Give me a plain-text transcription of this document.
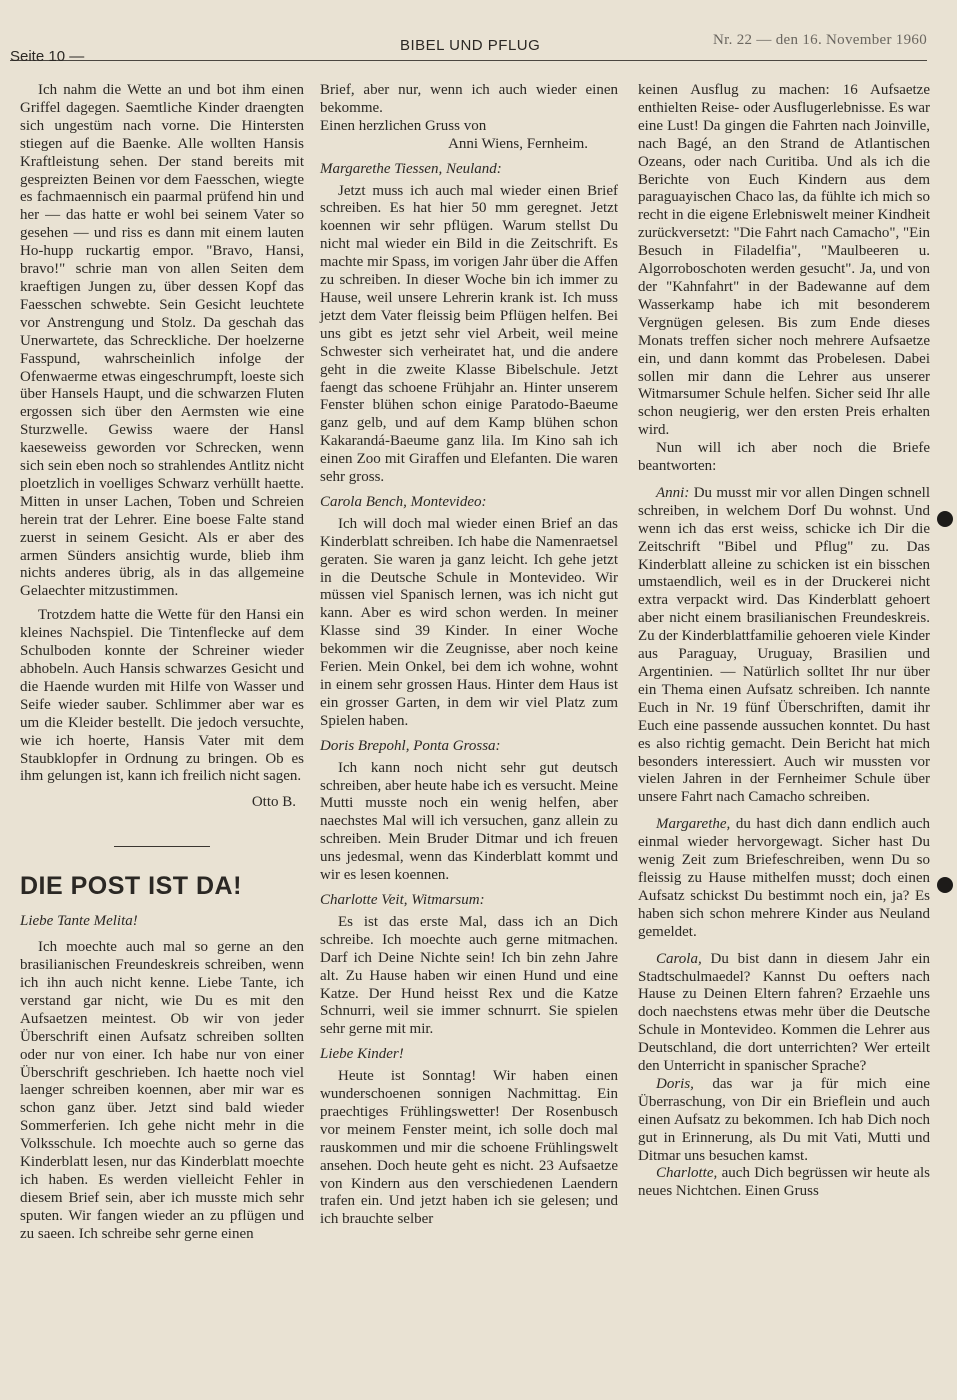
Seite 10 —
BIBEL UND PFLUG	Nr. 22 — den 16. November 1960

Ich nahm die Wette an und bot ihm einen Griffel dagegen. Saemtliche Kinder draengten sich ungestüm nach vorne. Die Hintersten stiegen auf die Baenke. Alle wollten Hansis Kraftleistung sehen. Der stand bereits mit gespreizten Beinen vor dem Faesschen, wiegte es fachmaennisch ein paarmal prüfend hin und her — das hatte er wohl bei seinem Vater so gesehen — und riss es dann mit einem lauten Ho-hupp ruckartig empor. "Bravo, Hansi, bravo!" schrie man von allen Seiten dem kraeftigen Jungen zu, über dessen Kopf das Faesschen schwebte. Sein Gesicht leuchtete vor Anstrengung und Stolz. Da geschah das Unerwartete, das Schreckliche. Der hoelzerne Fasspund, wahrscheinlich infolge der Ofenwaerme etwas eingeschrumpft, loeste sich über Hansels Haupt, und die schwarzen Fluten ergossen sich über den Aermsten wie eine Sturzwelle. Gewiss waere der Hansl kaeseweiss geworden vor Schrecken, wenn sich sein eben noch so strahlendes Antlitz nicht ploetzlich in voelliges Schwarz verhüllt haette. Mitten in unser Lachen, Toben und Schreien herein trat der Lehrer. Eine boese Falte stand zuerst in seinem Gesicht. Als er aber des armen Sünders ansichtig wurde, blieb ihm nichts anderes übrig, als in das allgemeine Gelaechter mitzustimmen.

Trotzdem hatte die Wette für den Hansi ein kleines Nachspiel. Die Tintenflecke auf dem Schulboden konnte der Schreiner wieder abhobeln. Auch Hansis schwarzes Gesicht und die Haende wurden mit Hilfe von Wasser und Seife wieder sauber. Schlimmer aber war es um die Kleider bestellt. Die jedoch versuchte, wie ich hoerte, Hansis Vater mit dem Staubklopfer in Ordnung zu bringen. Ob es ihm gelungen ist, kann ich freilich nicht sagen.

Otto B.
DIE POST IST DA!
Liebe Tante Melita!

Ich moechte auch mal so gerne an den brasilianischen Freundeskreis schreiben, wenn ich ihn auch nicht kenne. Liebe Tante, ich verstand gar nicht, wie Du es mit den Aufsaetzen meintest. Ob wir von jeder Überschrift einen Aufsatz schreiben sollten oder nur von einer. Ich habe nur von einer Überschrift geschrieben. Ich haette noch viel laenger schreiben koennen, aber mir war es schon ganz über. Jetzt sind bald wieder Sommerferien. Ich gehe nicht mehr in die Volksschule. Ich moechte auch so gerne das Kinderblatt lesen, nur das Kinderblatt moechte ich haben. Es werden vielleicht Fehler in diesem Brief sein, aber ich musste mich sehr sputen. Wir fangen wieder an zu pflügen und zu saeen. Ich schreibe sehr gerne einen

Brief, aber nur, wenn ich auch wieder einen bekomme.

Einen herzlichen Gruss von

Anni Wiens, Fernheim.

Margarethe Tiessen, Neuland:

Jetzt muss ich auch mal wieder einen Brief schreiben. Es hat hier 50 mm geregnet. Jetzt koennen wir sehr pflügen. Warum stellst Du nicht mal wieder ein Bild in die Zeitschrift. Es machte mir Spass, im vorigen Jahr über die Affen zu schreiben. In dieser Woche bin ich immer zu Hause, weil unsere Lehrerin krank ist. Ich muss jetzt dem Vater fleissig beim Pflügen helfen. Bei uns gibt es jetzt sehr viel Arbeit, weil meine Schwester sich verheiratet hat, und die andere geht in die zweite Klasse Bibelschule. Jetzt faengt das schoene Frühjahr an. Hinter unserem Fenster blühen schon einige Paratodo-Baeume ganz gelb, und auf dem Kamp blühen schon Kakarandá-Baeume ganz lila. Im Kino sah ich einen Zoo mit Giraffen und Elefanten. Die waren sehr gross.

Carola Bench, Montevideo:

Ich will doch mal wieder einen Brief an das Kinderblatt schreiben. Ich habe die Namenraetsel geraten. Sie waren ja ganz leicht. Ich gehe jetzt in die Deutsche Schule in Montevideo. Wir müssen viel Spanisch lernen, was ich nicht gut kann. Aber es wird schon werden. In meiner Klasse sind 39 Kinder. In einer Woche bekommen wir die Zeugnisse, aber noch keine Ferien. Mein Onkel, bei dem ich wohne, wohnt in einem sehr grossen Haus. Hinter dem Haus ist ein grosser Garten, in dem wir viel Platz zum Spielen haben.

Doris Brepohl, Ponta Grossa:

Ich kann noch nicht sehr gut deutsch schreiben, aber heute habe ich es versucht. Meine Mutti musste noch ein wenig helfen, aber naechstes Mal will ich versuchen, ganz allein zu schreiben. Mein Bruder Ditmar und ich freuen uns jedesmal, wenn das Kinderblatt kommt und wir es lesen koennen.

Charlotte Veit, Witmarsum:

Es ist das erste Mal, dass ich an Dich schreibe. Ich moechte auch gerne mitmachen. Darf ich Deine Nichte sein! Ich bin zehn Jahre alt. Zu Hause haben wir einen Hund und eine Katze. Der Hund heisst Rex und die Katze Schnurri, weil sie immer schnurrt. Sie spielen sehr gerne mit mir.

Liebe Kinder!

Heute ist Sonntag! Wir haben einen wunderschoenen sonnigen Nachmittag. Ein praechtiges Frühlingswetter! Der Rosenbusch vor meinem Fenster meint, ich solle doch mal rauskommen und mir die schoene Frühlingswelt ansehen. Doch heute geht es nicht. 23 Aufsaetze von Kindern aus den verschiedenen Laendern trafen ein. Und jetzt haben ich sie gelesen; und ich brauchte selber

keinen Ausflug zu machen: 16 Aufsaetze enthielten Reise- oder Ausflugerlebnisse. Es war eine Lust! Da gingen die Fahrten nach Joinville, nach Bagé, an den Strand de Atlantischen Ozeans, oder nach Curitiba. Und als ich die Berichte von Euch Kindern aus dem paraguayischen Chaco las, da fühlte ich mich so recht in die eigene Erlebniswelt meiner Kindheit zurückversetzt: "Die Fahrt nach Camacho", "Ein Besuch in Filadelfia", "Maulbeeren u. Algorroboschoten werden gesucht". Ja, und von der "Kahnfahrt" in der Badewanne auf dem Wasserkamp habe ich mit besonderem Vergnügen gelesen. Bis zum Ende dieses Monats treffen sicher noch mehrere Aufsaetze ein, und dann kommt das Probelesen. Dabei sollen mir dann die Lehrer aus unserer Witmarsumer Schule helfen. Sicher seid Ihr alle schon neugierig, wer den ersten Preis erhalten wird.

Nun will ich aber noch die Briefe beantworten:

Anni: Du musst mir vor allen Dingen schnell schreiben, in welchem Dorf Du wohnst. Und wenn ich das erst weiss, schicke ich Dir die Zeitschrift "Bibel und Pflug" zu. Das Kinderblatt alleine zu schicken ist ein bisschen umstaendlich, weil es in der Druckerei nicht extra verpackt wird. Das Kinderblatt gehoert aber nicht einem brasilianischen Freundeskreis. Zu der Kinderblattfamilie gehoeren viele Kinder aus Paraguay, Uruguay, Brasilien und Argentinien. — Natürlich solltet Ihr nur über ein Thema einen Aufsatz schreiben. Ich nannte Euch in Nr. 19 fünf Überschriften, damit ihr Euch eine passende aussuchen konntet. Du hast es also richtig gemacht. Dein Bericht hat mich besonders interessiert. Auch wir mussten vor vielen Jahren in der Fernheimer Schule über unsere Fahrt nach Camacho schreiben.

Margarethe, du hast dich dann endlich auch einmal wieder hervorgewagt. Sicher hast Du wenig Zeit zum Briefeschreiben, wenn Du so fleissig zu Hause mithelfen musst; doch einen Aufsatz schickst Du bestimmt noch ein, ja? Es haben sich schon mehrere Kinder aus Neuland gemeldet.

Carola, Du bist dann in diesem Jahr ein Stadtschulmaedel? Kannst Du oefters nach Hause zu Deinen Eltern fahren? Erzaehle uns doch naechstens etwas mehr über die Deutsche Schule in Montevideo. Kommen die Lehrer aus Deutschland, die dort unterrichten? Wer erteilt den Unterricht in spanischer Sprache?

Doris, das war ja für mich eine Überraschung, von Dir ein Brieflein und auch einen Aufsatz zu bekommen. Ich hab Dich noch gut in Erinnerung, als Du mit Vati, Mutti und Ditmar uns besuchen kamst.

Charlotte, auch Dich begrüssen wir heute als neues Nichtchen. Einen Gruss
